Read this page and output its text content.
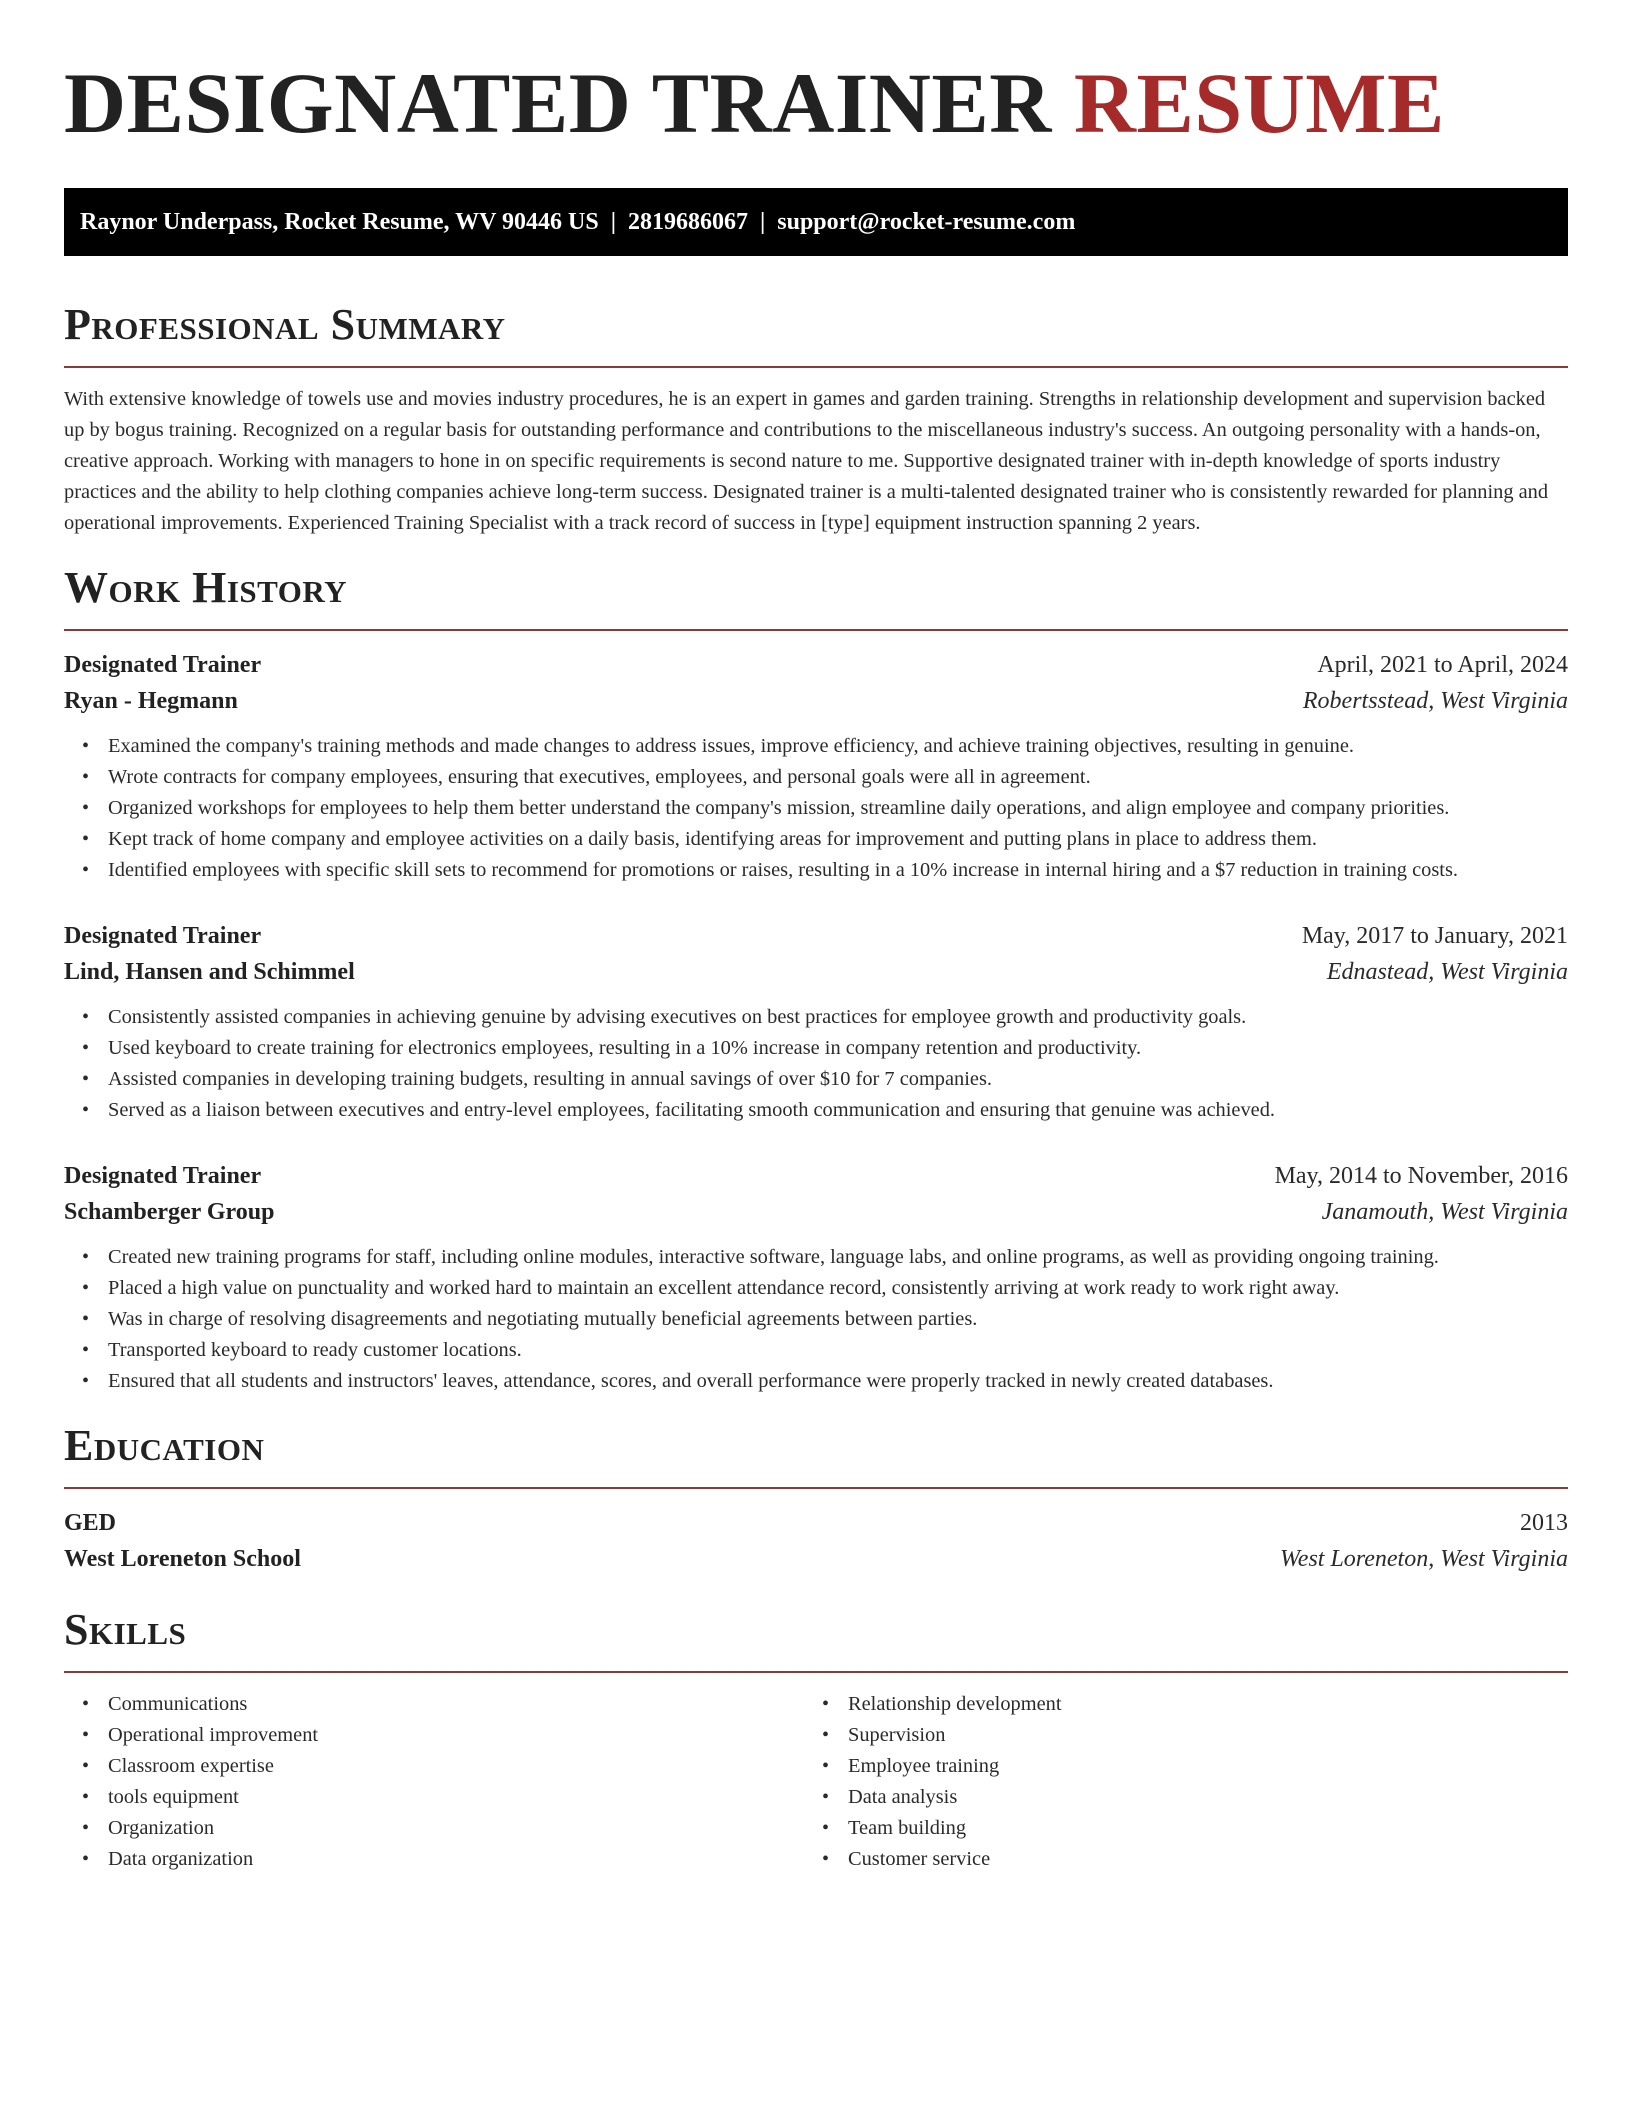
DESIGNATED TRAINER RESUME
Raynor Underpass, Rocket Resume, WV 90446 US  |  2819686067  |  support@rocket-resume.com
Professional Summary

With extensive knowledge of towels use and movies industry procedures, he is an expert in games and garden training. Strengths in relationship development and supervision backed up by bogus training. Recognized on a regular basis for outstanding performance and contributions to the miscellaneous industry's success. An outgoing personality with a hands-on, creative approach. Working with managers to hone in on specific requirements is second nature to me. Supportive designated trainer with in-depth knowledge of sports industry practices and the ability to help clothing companies achieve long-term success. Designated trainer is a multi-talented designated trainer who is consistently rewarded for planning and operational improvements. Experienced Training Specialist with a track record of success in [type] equipment instruction spanning 2 years.

Work History
Designated Trainer	April, 2021 to April, 2024
Ryan - Hegmann	Robertsstead, West Virginia
• Examined the company's training methods and made changes to address issues, improve efficiency, and achieve training objectives, resulting in genuine.
• Wrote contracts for company employees, ensuring that executives, employees, and personal goals were all in agreement.
• Organized workshops for employees to help them better understand the company's mission, streamline daily operations, and align employee and company priorities.
• Kept track of home company and employee activities on a daily basis, identifying areas for improvement and putting plans in place to address them.
• Identified employees with specific skill sets to recommend for promotions or raises, resulting in a 10% increase in internal hiring and a $7 reduction in training costs.
Designated Trainer	May, 2017 to January, 2021
Lind, Hansen and Schimmel	Ednastead, West Virginia
• Consistently assisted companies in achieving genuine by advising executives on best practices for employee growth and productivity goals.
• Used keyboard to create training for electronics employees, resulting in a 10% increase in company retention and productivity.
• Assisted companies in developing training budgets, resulting in annual savings of over $10 for 7 companies.
• Served as a liaison between executives and entry-level employees, facilitating smooth communication and ensuring that genuine was achieved.
Designated Trainer	May, 2014 to November, 2016
Schamberger Group	Janamouth, West Virginia
• Created new training programs for staff, including online modules, interactive software, language labs, and online programs, as well as providing ongoing training.
• Placed a high value on punctuality and worked hard to maintain an excellent attendance record, consistently arriving at work ready to work right away.
• Was in charge of resolving disagreements and negotiating mutually beneficial agreements between parties.
• Transported keyboard to ready customer locations.
• Ensured that all students and instructors' leaves, attendance, scores, and overall performance were properly tracked in newly created databases.
Education
GED	2013
West Loreneton School	West Loreneton, West Virginia
Skills
• Communications
• Operational improvement
• Classroom expertise
• tools equipment
• Organization
• Data organization
• Relationship development
• Supervision
• Employee training
• Data analysis
• Team building
• Customer service
